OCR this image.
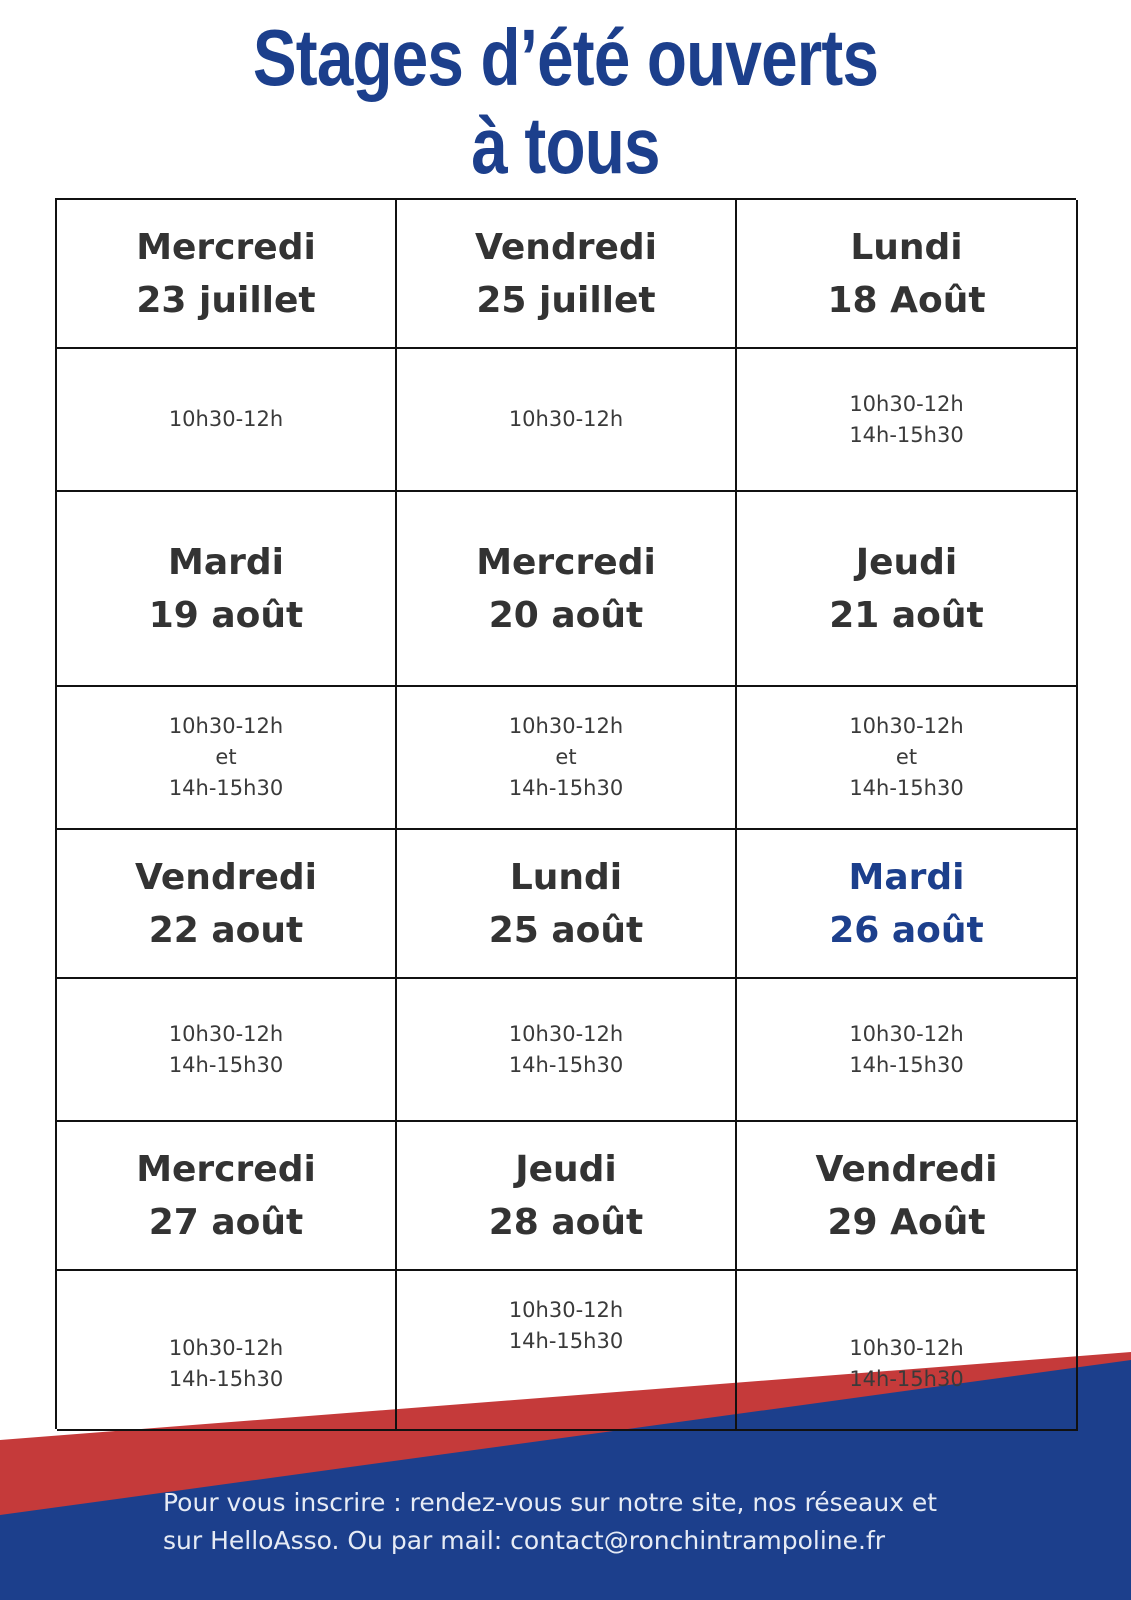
Stages d’été ouverts
à tous
Mercredi
23 juillet
Vendredi
25 juillet
Lundi
18 Août
10h30-12h	10h30-12h
10h30-12h
14h-15h30
Mardi
19 août
Mercredi
20 août
Jeudi
21 août
10h30-12h
et
14h-15h30
10h30-12h
et
14h-15h30
10h30-12h
et
14h-15h30
Vendredi
22 aout
Lundi
25 août
Mardi
26 août
10h30-12h
14h-15h30
10h30-12h
14h-15h30
10h30-12h
14h-15h30
Mercredi
27 août
Jeudi
28 août
Vendredi
29 Août
10h30-12h
14h-15h30
10h30-12h
14h-15h30	10h30-12h
14h-15h30
Pour vous inscrire : rendez-vous sur notre site, nos réseaux et
sur HelloAsso. Ou par mail: contact@ronchintrampoline.fr
